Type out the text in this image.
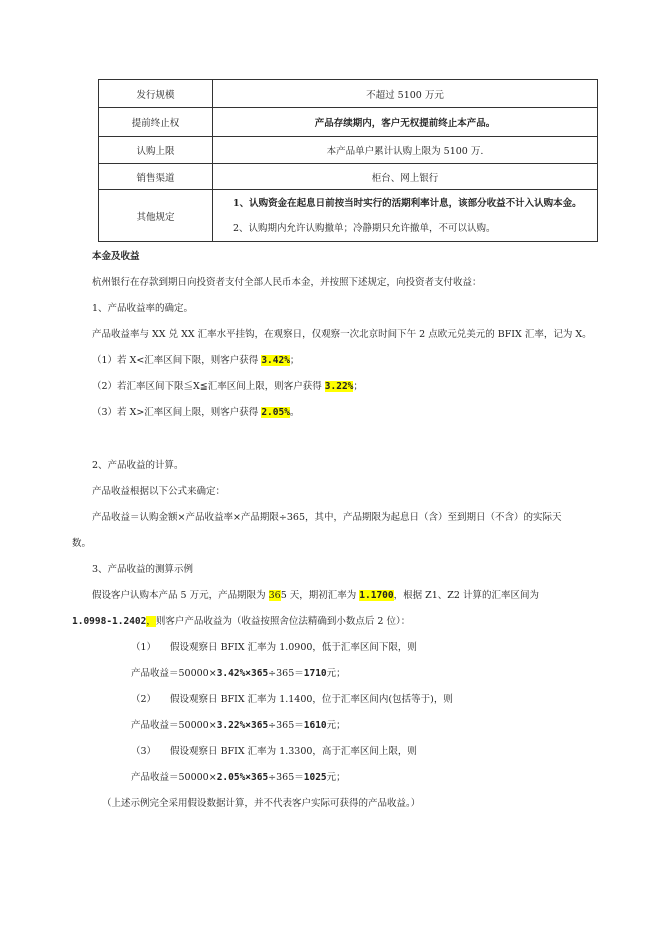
发行规模	不超过 5100 万元
提前终止权	产品存续期内，客户无权提前终止本产品。
认购上限	本产品单户累计认购上限为 5100 万.
销售渠道	柜台、网上银行
其他规定	1、认购资金在起息日前按当时实行的活期利率计息，该部分收益不计入认购本金。
2、认购期内允许认购撤单；冷静期只允许撤单，不可以认购。
本金及收益
杭州银行在存款到期日向投资者支付全部人民币本金，并按照下述规定，向投资者支付收益：
1、产品收益率的确定。
产品收益率与 XX 兑 XX 汇率水平挂钩，在观察日，仅观察一次北京时间下午 2 点欧元兑美元的 BFIX 汇率，记为 X。
（1）若 X<汇率区间下限，则客户获得 3.42%；
（2）若汇率区间下限≦X≦汇率区间上限，则客户获得 3.22%；
（3）若 X>汇率区间上限，则客户获得 2.05%。
2、产品收益的计算。
产品收益根据以下公式来确定：
产品收益＝认购金额×产品收益率×产品期限÷365，其中，产品期限为起息日（含）至到期日（不含）的实际天
数。
3、产品收益的测算示例
假设客户认购本产品 5 万元，产品期限为 365 天，期初汇率为 1.1700，根据 Z1、Z2 计算的汇率区间为
1.0998-1.2402，则客户产品收益为（收益按照舍位法精确到小数点后 2 位）：
（1） 假设观察日 BFIX 汇率为 1.0900，低于汇率区间下限，则
产品收益＝50000×3.42%×365÷365＝1710元；
（2） 假设观察日 BFIX 汇率为 1.1400，位于汇率区间内(包括等于)，则
产品收益＝50000×3.22%×365÷365＝1610元；
（3） 假设观察日 BFIX 汇率为 1.3300，高于汇率区间上限，则
产品收益＝50000×2.05%×365÷365＝1025元；
（上述示例完全采用假设数据计算，并不代表客户实际可获得的产品收益。）
